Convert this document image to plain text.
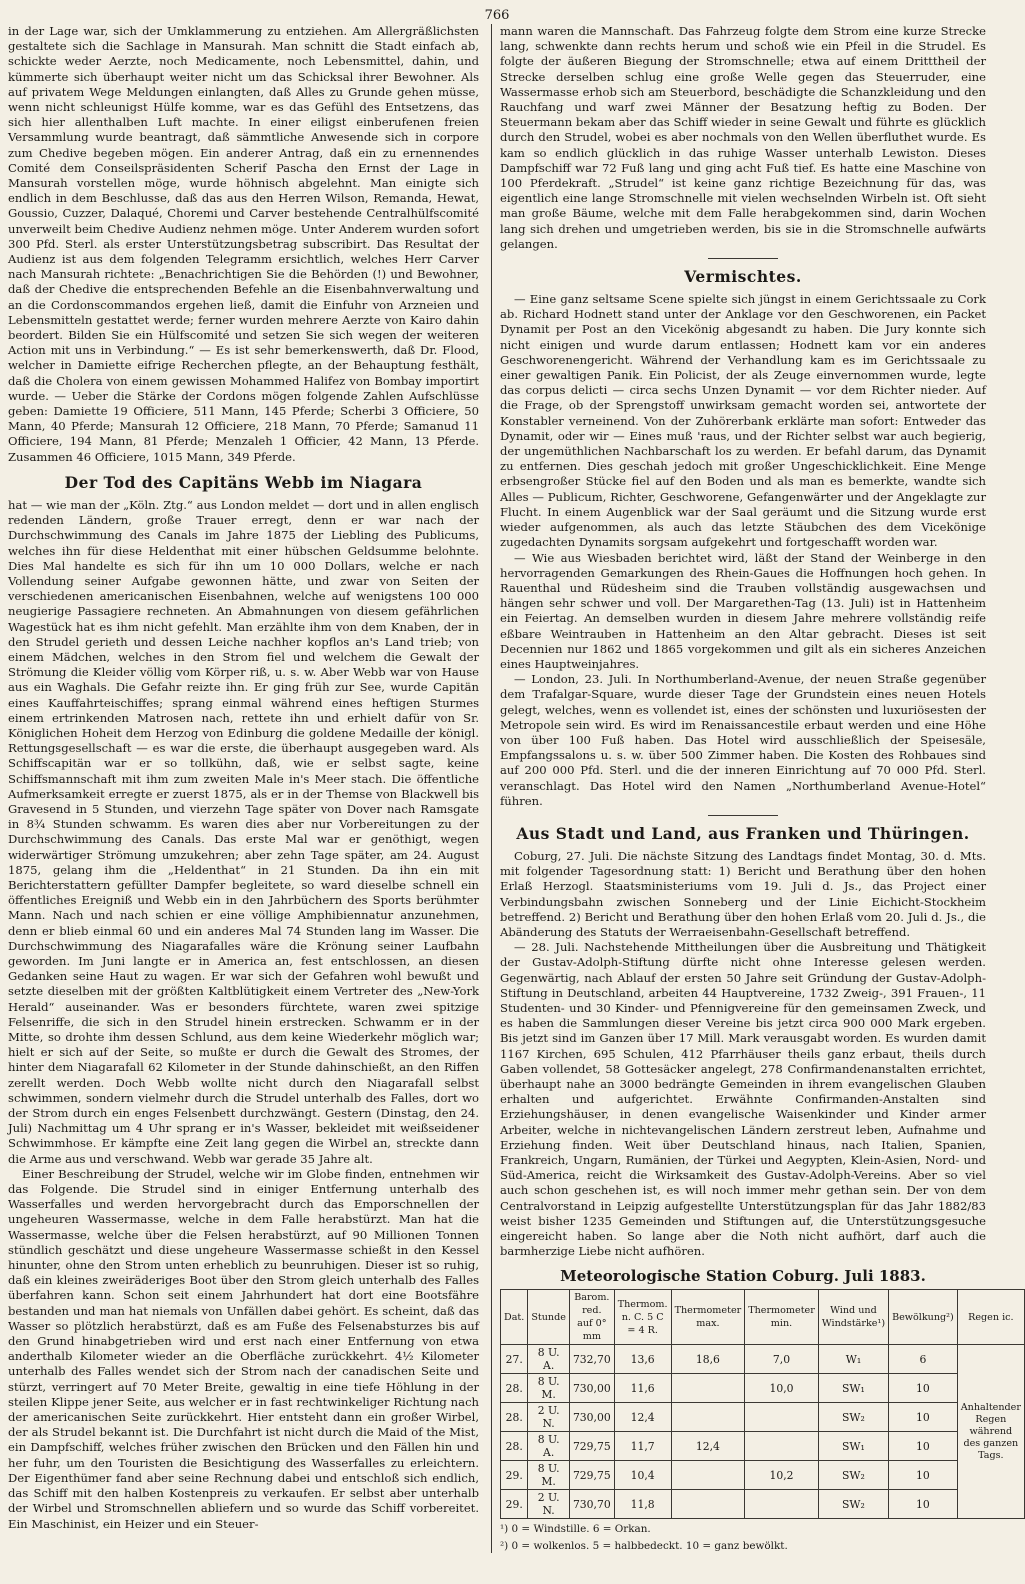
766

in der Lage war, sich der Umklammerung zu entziehen. Am Allergräßlichsten gestaltete sich die Sachlage in Mansurah. Man schnitt die Stadt einfach ab, schickte weder Aerzte, noch Medicamente, noch Lebensmittel, dahin, und kümmerte sich überhaupt weiter nicht um das Schicksal ihrer Bewohner. Als auf privatem Wege Meldungen einlangten, daß Alles zu Grunde gehen müsse, wenn nicht schleunigst Hülfe komme, war es das Gefühl des Entsetzens, das sich hier allenthalben Luft machte. In einer eiligst einberufenen freien Versammlung wurde beantragt, daß sämmtliche Anwesende sich in corpore zum Chedive begeben mögen. Ein anderer Antrag, daß ein zu ernennendes Comité dem Conseilspräsidenten Scherif Pascha den Ernst der Lage in Mansurah vorstellen möge, wurde höhnisch abgelehnt. Man einigte sich endlich in dem Beschlusse, daß das aus den Herren Wilson, Remanda, Hewat, Goussio, Cuzzer, Dalaqué, Choremi und Carver bestehende Centralhülfscomité unverweilt beim Chedive Audienz nehmen möge. Unter Anderem wurden sofort 300 Pfd. Sterl. als erster Unterstützungsbetrag subscribirt. Das Resultat der Audienz ist aus dem folgenden Telegramm ersichtlich, welches Herr Carver nach Mansurah richtete: „Benachrichtigen Sie die Behörden (!) und Bewohner, daß der Chedive die entsprechenden Befehle an die Eisenbahnverwaltung und an die Cordonscommandos ergehen ließ, damit die Einfuhr von Arzneien und Lebensmitteln gestattet werde; ferner wurden mehrere Aerzte von Kairo dahin beordert. Bilden Sie ein Hülfscomité und setzen Sie sich wegen der weiteren Action mit uns in Verbindung.“ — Es ist sehr bemerkenswerth, daß Dr. Flood, welcher in Damiette eifrige Recherchen pflegte, an der Behauptung festhält, daß die Cholera von einem gewissen Mohammed Halifez von Bombay importirt wurde. — Ueber die Stärke der Cordons mögen folgende Zahlen Aufschlüsse geben: Damiette 19 Officiere, 511 Mann, 145 Pferde; Scherbi 3 Officiere, 50 Mann, 40 Pferde; Mansurah 12 Officiere, 218 Mann, 70 Pferde; Samanud 11 Officiere, 194 Mann, 81 Pferde; Menzaleh 1 Officier, 42 Mann, 13 Pferde. Zusammen 46 Officiere, 1015 Mann, 349 Pferde.

Der Tod des Capitäns Webb im Niagara

hat — wie man der „Köln. Ztg.“ aus London meldet — dort und in allen englisch redenden Ländern, große Trauer erregt, denn er war nach der Durchschwimmung des Canals im Jahre 1875 der Liebling des Publicums, welches ihn für diese Heldenthat mit einer hübschen Geldsumme belohnte. Dies Mal handelte es sich für ihn um 10 000 Dollars, welche er nach Vollendung seiner Aufgabe gewonnen hätte, und zwar von Seiten der verschiedenen americanischen Eisenbahnen, welche auf wenigstens 100 000 neugierige Passagiere rechneten. An Abmahnungen von diesem gefährlichen Wagestück hat es ihm nicht gefehlt. Man erzählte ihm von dem Knaben, der in den Strudel gerieth und dessen Leiche nachher kopflos an's Land trieb; von einem Mädchen, welches in den Strom fiel und welchem die Gewalt der Strömung die Kleider völlig vom Körper riß, u. s. w. Aber Webb war von Hause aus ein Waghals. Die Gefahr reizte ihn. Er ging früh zur See, wurde Capitän eines Kauffahrteischiffes; sprang einmal während eines heftigen Sturmes einem ertrinkenden Matrosen nach, rettete ihn und erhielt dafür von Sr. Königlichen Hoheit dem Herzog von Edinburg die goldene Medaille der königl. Rettungsgesellschaft — es war die erste, die überhaupt ausgegeben ward. Als Schiffscapitän war er so tollkühn, daß, wie er selbst sagte, keine Schiffsmannschaft mit ihm zum zweiten Male in's Meer stach. Die öffentliche Aufmerksamkeit erregte er zuerst 1875, als er in der Themse von Blackwell bis Gravesend in 5 Stunden, und vierzehn Tage später von Dover nach Ramsgate in 8¾ Stunden schwamm. Es waren dies aber nur Vorbereitungen zu der Durchschwimmung des Canals. Das erste Mal war er genöthigt, wegen widerwärtiger Strömung umzukehren; aber zehn Tage später, am 24. August 1875, gelang ihm die „Heldenthat“ in 21 Stunden. Da ihn ein mit Berichterstattern gefüllter Dampfer begleitete, so ward dieselbe schnell ein öffentliches Ereigniß und Webb ein in den Jahrbüchern des Sports berühmter Mann. Nach und nach schien er eine völlige Amphibiennatur anzunehmen, denn er blieb einmal 60 und ein anderes Mal 74 Stunden lang im Wasser. Die Durchschwimmung des Niagarafalles wäre die Krönung seiner Laufbahn geworden. Im Juni langte er in America an, fest entschlossen, an diesen Gedanken seine Haut zu wagen. Er war sich der Gefahren wohl bewußt und setzte dieselben mit der größten Kaltblütigkeit einem Vertreter des „New-York Herald“ auseinander. Was er besonders fürchtete, waren zwei spitzige Felsenriffe, die sich in den Strudel hinein erstrecken. Schwamm er in der Mitte, so drohte ihm dessen Schlund, aus dem keine Wiederkehr möglich war; hielt er sich auf der Seite, so mußte er durch die Gewalt des Stromes, der hinter dem Niagarafall 62 Kilometer in der Stunde dahinschießt, an den Riffen zerellt werden. Doch Webb wollte nicht durch den Niagarafall selbst schwimmen, sondern vielmehr durch die Strudel unterhalb des Falles, dort wo der Strom durch ein enges Felsenbett durchzwängt. Gestern (Dinstag, den 24. Juli) Nachmittag um 4 Uhr sprang er in's Wasser, bekleidet mit weißseidener Schwimmhose. Er kämpfte eine Zeit lang gegen die Wirbel an, streckte dann die Arme aus und verschwand. Webb war gerade 35 Jahre alt.

Einer Beschreibung der Strudel, welche wir im Globe finden, entnehmen wir das Folgende. Die Strudel sind in einiger Entfernung unterhalb des Wasserfalles und werden hervorgebracht durch das Emporschnellen der ungeheuren Wassermasse, welche in dem Falle herabstürzt. Man hat die Wassermasse, welche über die Felsen herabstürzt, auf 90 Millionen Tonnen stündlich geschätzt und diese ungeheure Wassermasse schießt in den Kessel hinunter, ohne den Strom unten erheblich zu beunruhigen. Dieser ist so ruhig, daß ein kleines zweiräderiges Boot über den Strom gleich unterhalb des Falles überfahren kann. Schon seit einem Jahrhundert hat dort eine Bootsfähre bestanden und man hat niemals von Unfällen dabei gehört. Es scheint, daß das Wasser so plötzlich herabstürzt, daß es am Fuße des Felsenabsturzes bis auf den Grund hinabgetrieben wird und erst nach einer Entfernung von etwa anderthalb Kilometer wieder an die Oberfläche zurückkehrt. 4½ Kilometer unterhalb des Falles wendet sich der Strom nach der canadischen Seite und stürzt, verringert auf 70 Meter Breite, gewaltig in eine tiefe Höhlung in der steilen Klippe jener Seite, aus welcher er in fast rechtwinkeliger Richtung nach der americanischen Seite zurückkehrt. Hier entsteht dann ein großer Wirbel, der als Strudel bekannt ist. Die Durchfahrt ist nicht durch die Maid of the Mist, ein Dampfschiff, welches früher zwischen den Brücken und den Fällen hin und her fuhr, um den Touristen die Besichtigung des Wasserfalles zu erleichtern. Der Eigenthümer fand aber seine Rechnung dabei und entschloß sich endlich, das Schiff mit den halben Kostenpreis zu verkaufen. Er selbst aber unterhalb der Wirbel und Stromschnellen abliefern und so wurde das Schiff vorbereitet. Ein Maschinist, ein Heizer und ein Steuer-

mann waren die Mannschaft. Das Fahrzeug folgte dem Strom eine kurze Strecke lang, schwenkte dann rechts herum und schoß wie ein Pfeil in die Strudel. Es folgte der äußeren Biegung der Stromschnelle; etwa auf einem Dritttheil der Strecke derselben schlug eine große Welle gegen das Steuerruder, eine Wassermasse erhob sich am Steuerbord, beschädigte die Schanzkleidung und den Rauchfang und warf zwei Männer der Besatzung heftig zu Boden. Der Steuermann bekam aber das Schiff wieder in seine Gewalt und führte es glücklich durch den Strudel, wobei es aber nochmals von den Wellen überfluthet wurde. Es kam so endlich glücklich in das ruhige Wasser unterhalb Lewiston. Dieses Dampfschiff war 72 Fuß lang und ging acht Fuß tief. Es hatte eine Maschine von 100 Pferdekraft. „Strudel“ ist keine ganz richtige Bezeichnung für das, was eigentlich eine lange Stromschnelle mit vielen wechselnden Wirbeln ist. Oft sieht man große Bäume, welche mit dem Falle herabgekommen sind, darin Wochen lang sich drehen und umgetrieben werden, bis sie in die Stromschnelle aufwärts gelangen.

Vermischtes.

— Eine ganz seltsame Scene spielte sich jüngst in einem Gerichtssaale zu Cork ab. Richard Hodnett stand unter der Anklage vor den Geschworenen, ein Packet Dynamit per Post an den Vicekönig abgesandt zu haben. Die Jury konnte sich nicht einigen und wurde darum entlassen; Hodnett kam vor ein anderes Geschworenengericht. Während der Verhandlung kam es im Gerichtssaale zu einer gewaltigen Panik. Ein Policist, der als Zeuge einvernommen wurde, legte das corpus delicti — circa sechs Unzen Dynamit — vor dem Richter nieder. Auf die Frage, ob der Sprengstoff unwirksam gemacht worden sei, antwortete der Konstabler verneinend. Von der Zuhörerbank erklärte man sofort: Entweder das Dynamit, oder wir — Eines muß 'raus, und der Richter selbst war auch begierig, der ungemüthlichen Nachbarschaft los zu werden. Er befahl darum, das Dynamit zu entfernen. Dies geschah jedoch mit großer Ungeschicklichkeit. Eine Menge erbsengroßer Stücke fiel auf den Boden und als man es bemerkte, wandte sich Alles — Publicum, Richter, Geschworene, Gefangenwärter und der Angeklagte zur Flucht. In einem Augenblick war der Saal geräumt und die Sitzung wurde erst wieder aufgenommen, als auch das letzte Stäubchen des dem Vicekönige zugedachten Dynamits sorgsam aufgekehrt und fortgeschafft worden war.

— Wie aus Wiesbaden berichtet wird, läßt der Stand der Weinberge in den hervorragenden Gemarkungen des Rhein-Gaues die Hoffnungen hoch gehen. In Rauenthal und Rüdesheim sind die Trauben vollständig ausgewachsen und hängen sehr schwer und voll. Der Margarethen-Tag (13. Juli) ist in Hattenheim ein Feiertag. An demselben wurden in diesem Jahre mehrere vollständig reife eßbare Weintrauben in Hattenheim an den Altar gebracht. Dieses ist seit Decennien nur 1862 und 1865 vorgekommen und gilt als ein sicheres Anzeichen eines Hauptweinjahres.

— London, 23. Juli. In Northumberland-Avenue, der neuen Straße gegenüber dem Trafalgar-Square, wurde dieser Tage der Grundstein eines neuen Hotels gelegt, welches, wenn es vollendet ist, eines der schönsten und luxuriösesten der Metropole sein wird. Es wird im Renaissancestile erbaut werden und eine Höhe von über 100 Fuß haben. Das Hotel wird ausschließlich der Speisesäle, Empfangssalons u. s. w. über 500 Zimmer haben. Die Kosten des Rohbaues sind auf 200 000 Pfd. Sterl. und die der inneren Einrichtung auf 70 000 Pfd. Sterl. veranschlagt. Das Hotel wird den Namen „Northumberland Avenue-Hotel“ führen.

Aus Stadt und Land, aus Franken und Thüringen.

Coburg, 27. Juli. Die nächste Sitzung des Landtags findet Montag, 30. d. Mts. mit folgender Tagesordnung statt: 1) Bericht und Berathung über den hohen Erlaß Herzogl. Staatsministeriums vom 19. Juli d. Js., das Project einer Verbindungsbahn zwischen Sonneberg und der Linie Eichicht-Stockheim betreffend. 2) Bericht und Berathung über den hohen Erlaß vom 20. Juli d. Js., die Abänderung des Statuts der Werraeisenbahn-Gesellschaft betreffend.

— 28. Juli. Nachstehende Mittheilungen über die Ausbreitung und Thätigkeit der Gustav-Adolph-Stiftung dürfte nicht ohne Interesse gelesen werden. Gegenwärtig, nach Ablauf der ersten 50 Jahre seit Gründung der Gustav-Adolph-Stiftung in Deutschland, arbeiten 44 Hauptvereine, 1732 Zweig-, 391 Frauen-, 11 Studenten- und 30 Kinder- und Pfennigvereine für den gemeinsamen Zweck, und es haben die Sammlungen dieser Vereine bis jetzt circa 900 000 Mark ergeben. Bis jetzt sind im Ganzen über 17 Mill. Mark verausgabt worden. Es wurden damit 1167 Kirchen, 695 Schulen, 412 Pfarrhäuser theils ganz erbaut, theils durch Gaben vollendet, 58 Gottesäcker angelegt, 278 Confirmandenanstalten errichtet, überhaupt nahe an 3000 bedrängte Gemeinden in ihrem evangelischen Glauben erhalten und aufgerichtet. Erwähnte Confirmanden-Anstalten sind Erziehungshäuser, in denen evangelische Waisenkinder und Kinder armer Arbeiter, welche in nichtevangelischen Ländern zerstreut leben, Aufnahme und Erziehung finden. Weit über Deutschland hinaus, nach Italien, Spanien, Frankreich, Ungarn, Rumänien, der Türkei und Aegypten, Klein-Asien, Nord- und Süd-America, reicht die Wirksamkeit des Gustav-Adolph-Vereins. Aber so viel auch schon geschehen ist, es will noch immer mehr gethan sein. Der von dem Centralvorstand in Leipzig aufgestellte Unterstützungsplan für das Jahr 1882/83 weist bisher 1235 Gemeinden und Stiftungen auf, die Unterstützungsgesuche eingereicht haben. So lange aber die Noth nicht aufhört, darf auch die barmherzige Liebe nicht aufhören.

Meteorologische Station Coburg. Juli 1883.
Dat.	Stunde	Barom. red. auf 0° mm	Thermom. n. C. 5 C = 4 R.	Thermometer max.	Thermometer min.	Wind und Windstärke¹)	Bewölkung²)	Regen ic.
27.	8 U. A.	732,70	13,6	18,6	7,0	W₁	6	Anhaltender Regen während des ganzen Tags.
28.	8 U. M.	730,00	11,6		10,0	SW₁	10	
28.	2 U. N.	730,00	12,4			SW₂	10	
28.	8 U. A.	729,75	11,7	12,4		SW₁	10	
29.	8 U. M.	729,75	10,4		10,2	SW₂	10	
29.	2 U. N.	730,70	11,8			SW₂	10	
¹) 0 = Windstille. 6 = Orkan.
²) 0 = wolkenlos. 5 = halbbedeckt. 10 = ganz bewölkt.
